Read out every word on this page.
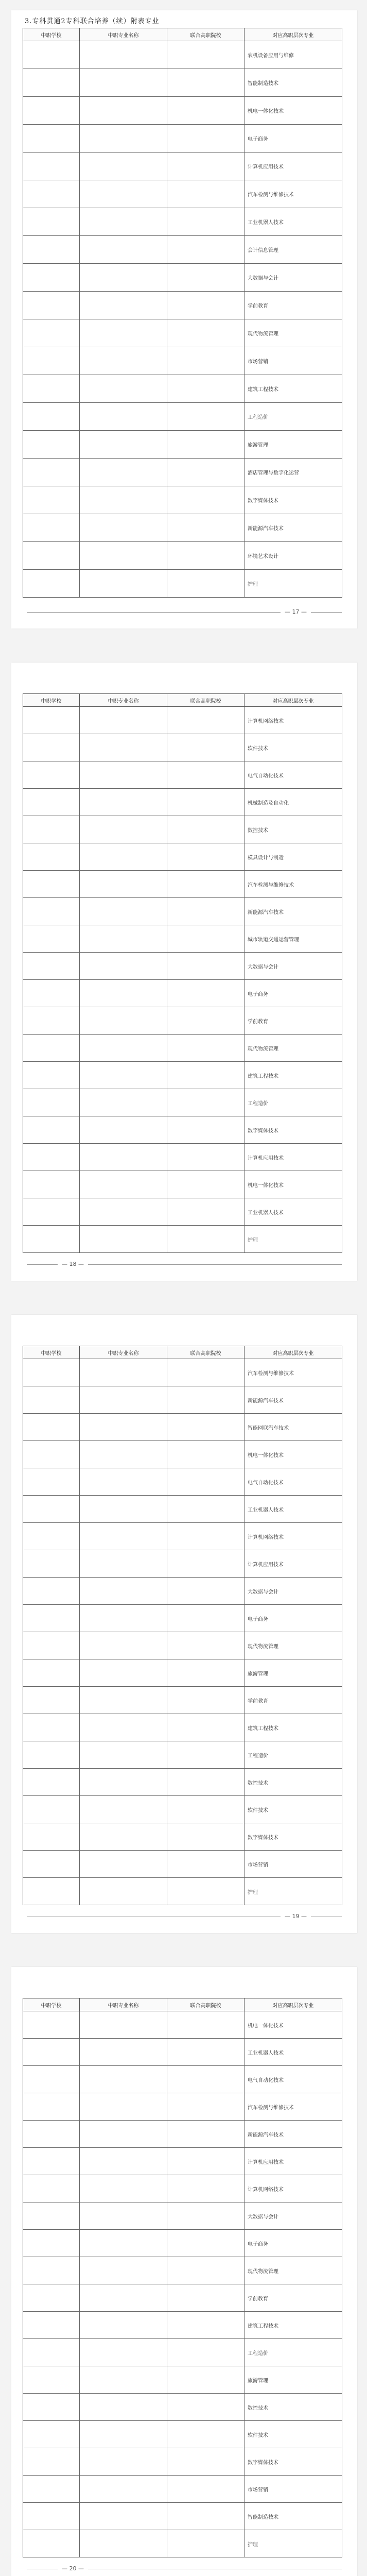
3.专科贯通2专科联合培养（续）附表专业
中职学校	中职专业名称	联合高职院校	对应高职层次专业
			农机设备应用与维修
			智能制造技术
			机电一体化技术
			电子商务
			计算机应用技术
			汽车检测与维修技术
			工业机器人技术
			会计信息管理
			大数据与会计
			学前教育
			现代物流管理
			市场营销
			建筑工程技术
			工程造价
			旅游管理
			酒店管理与数字化运营
			数字媒体技术
			新能源汽车技术
			环境艺术设计
			护理
— 17 —
中职学校	中职专业名称	联合高职院校	对应高职层次专业
			计算机网络技术
			软件技术
			电气自动化技术
			机械制造及自动化
			数控技术
			模具设计与制造
			汽车检测与维修技术
			新能源汽车技术
			城市轨道交通运营管理
			大数据与会计
			电子商务
			学前教育
			现代物流管理
			建筑工程技术
			工程造价
			数字媒体技术
			计算机应用技术
			机电一体化技术
			工业机器人技术
			护理
— 18 —
中职学校	中职专业名称	联合高职院校	对应高职层次专业
			汽车检测与维修技术
			新能源汽车技术
			智能网联汽车技术
			机电一体化技术
			电气自动化技术
			工业机器人技术
			计算机网络技术
			计算机应用技术
			大数据与会计
			电子商务
			现代物流管理
			旅游管理
			学前教育
			建筑工程技术
			工程造价
			数控技术
			软件技术
			数字媒体技术
			市场营销
			护理
— 19 —
中职学校	中职专业名称	联合高职院校	对应高职层次专业
			机电一体化技术
			工业机器人技术
			电气自动化技术
			汽车检测与维修技术
			新能源汽车技术
			计算机应用技术
			计算机网络技术
			大数据与会计
			电子商务
			现代物流管理
			学前教育
			建筑工程技术
			工程造价
			旅游管理
			数控技术
			软件技术
			数字媒体技术
			市场营销
			智能制造技术
			护理
— 20 —
